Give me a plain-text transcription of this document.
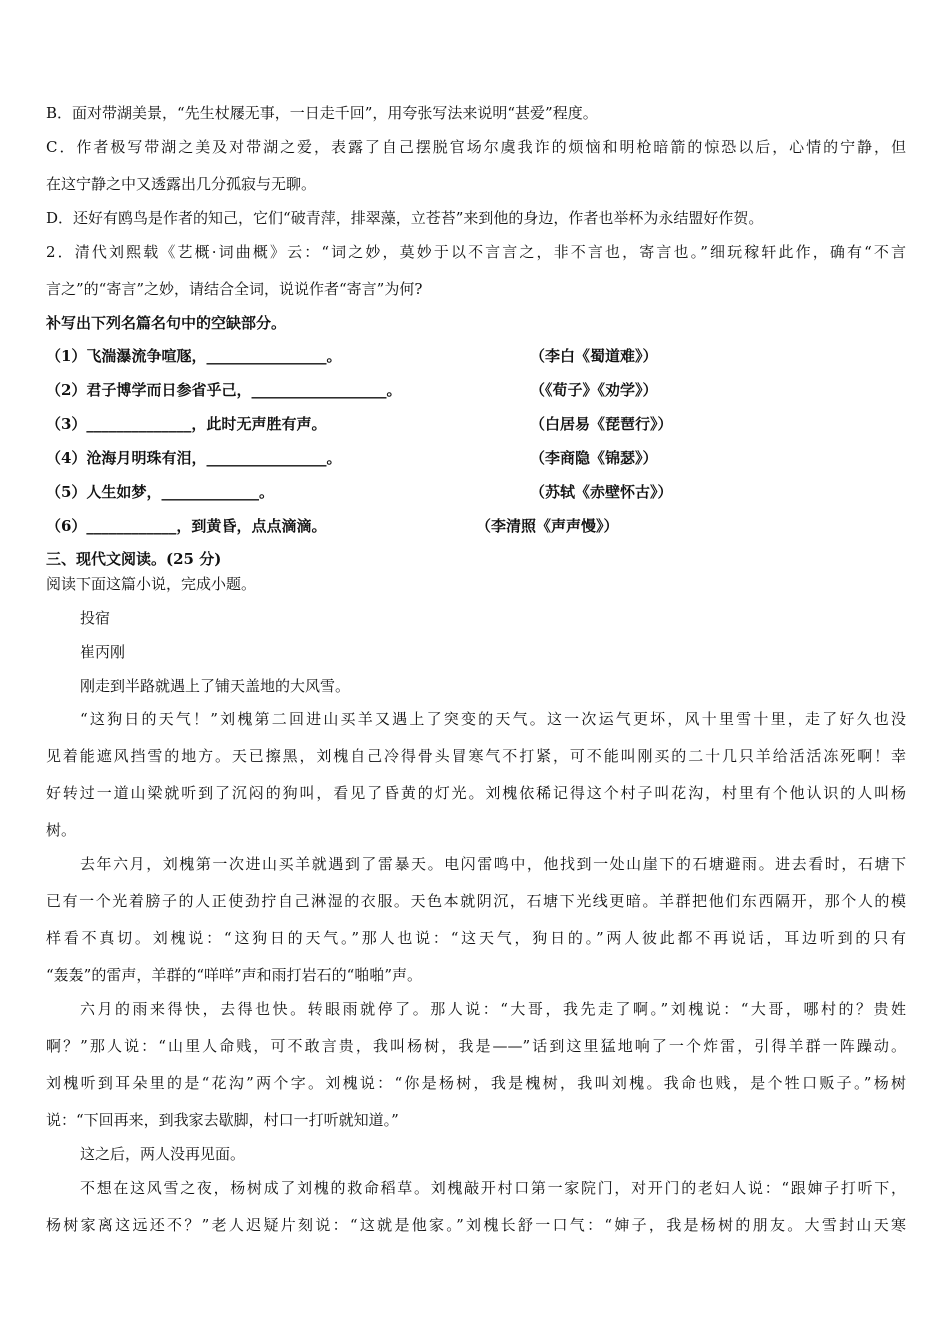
B．面对带湖美景，“先生杖屦无事，一日走千回”，用夸张写法来说明“甚爱”程度。
C．作者极写带湖之美及对带湖之爱，表露了自己摆脱官场尔虞我诈的烦恼和明枪暗箭的惊恐以后，心情的宁静，但
在这宁静之中又透露出几分孤寂与无聊。
D．还好有鸥鸟是作者的知己，它们“破青萍，排翠藻，立苍苔”来到他的身边，作者也举杯为永结盟好作贺。
2．清代刘熙载《艺概·词曲概》云：“词之妙，莫妙于以不言言之，非不言也，寄言也。”细玩稼轩此作，确有“不言
言之”的“寄言”之妙，请结合全词，说说作者“寄言”为何?
补写出下列名篇名句中的空缺部分。
（1）飞湍瀑流争喧豗，________________。	（李白《蜀道难》）
（2）君子博学而日参省乎己，__________________。	（《荀子》《劝学》）
（3）______________，此时无声胜有声。	（白居易《琵琶行》）
（4）沧海月明珠有泪，________________。	（李商隐《锦瑟》）
（5）人生如梦，_____________。	（苏轼《赤壁怀古》）
（6）____________，到黄昏，点点滴滴。	（李清照《声声慢》）
三、现代文阅读。(25 分)
阅读下面这篇小说，完成小题。
投宿
崔丙刚
刚走到半路就遇上了铺天盖地的大风雪。
“这狗日的天气！”刘槐第二回进山买羊又遇上了突变的天气。这一次运气更坏，风十里雪十里，走了好久也没
见着能遮风挡雪的地方。天已擦黑，刘槐自己冷得骨头冒寒气不打紧，可不能叫刚买的二十几只羊给活活冻死啊！幸
好转过一道山梁就听到了沉闷的狗叫，看见了昏黄的灯光。刘槐依稀记得这个村子叫花沟，村里有个他认识的人叫杨
树。
去年六月，刘槐第一次进山买羊就遇到了雷暴天。电闪雷鸣中，他找到一处山崖下的石塘避雨。进去看时，石塘下
已有一个光着膀子的人正使劲拧自己淋湿的衣服。天色本就阴沉，石塘下光线更暗。羊群把他们东西隔开，那个人的模
样看不真切。刘槐说：“这狗日的天气。”那人也说：“这天气，狗日的。”两人彼此都不再说话，耳边听到的只有
“轰轰”的雷声，羊群的“咩咩”声和雨打岩石的“啪啪”声。
六月的雨来得快，去得也快。转眼雨就停了。那人说：“大哥，我先走了啊。”刘槐说：“大哥，哪村的？贵姓
啊？”那人说：“山里人命贱，可不敢言贵，我叫杨树，我是——”话到这里猛地响了一个炸雷，引得羊群一阵躁动。
刘槐听到耳朵里的是“花沟”两个字。刘槐说：“你是杨树，我是槐树，我叫刘槐。我命也贱，是个牲口贩子。”杨树
说：“下回再来，到我家去歇脚，村口一打听就知道。”
这之后，两人没再见面。
不想在这风雪之夜，杨树成了刘槐的救命稻草。刘槐敲开村口第一家院门，对开门的老妇人说：“跟婶子打听下，
杨树家离这远还不？”老人迟疑片刻说：“这就是他家。”刘槐长舒一口气：“婶子，我是杨树的朋友。大雪封山天寒
